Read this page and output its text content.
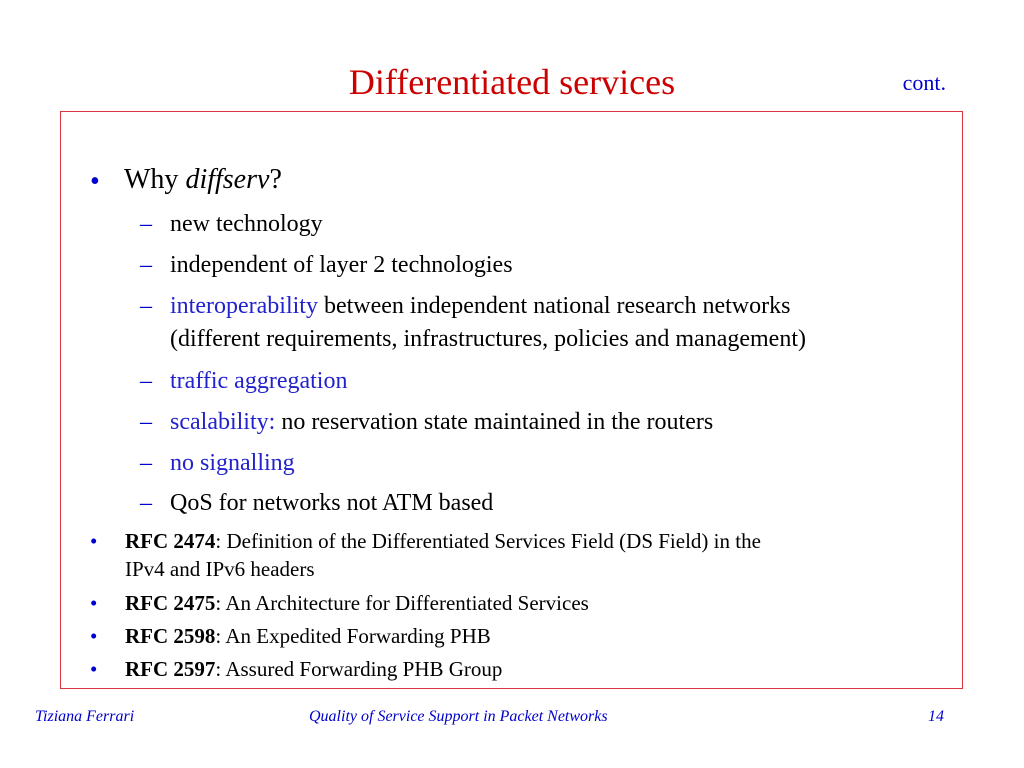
Differentiated services	cont.
• Why diffserv?
– new technology
– independent of layer 2 technologies
– interoperability between independent national research networks
(different requirements, infrastructures, policies and management)
– traffic aggregation
– scalability: no reservation state maintained in the routers
– no signalling
– QoS for networks not ATM based
• RFC 2474: Definition of the Differentiated Services Field (DS Field) in the
IPv4 and IPv6 headers
• RFC 2475: An Architecture for Differentiated Services
• RFC 2598: An Expedited Forwarding PHB
• RFC 2597: Assured Forwarding PHB Group
Tiziana Ferrari	Quality of Service Support in Packet Networks	14
